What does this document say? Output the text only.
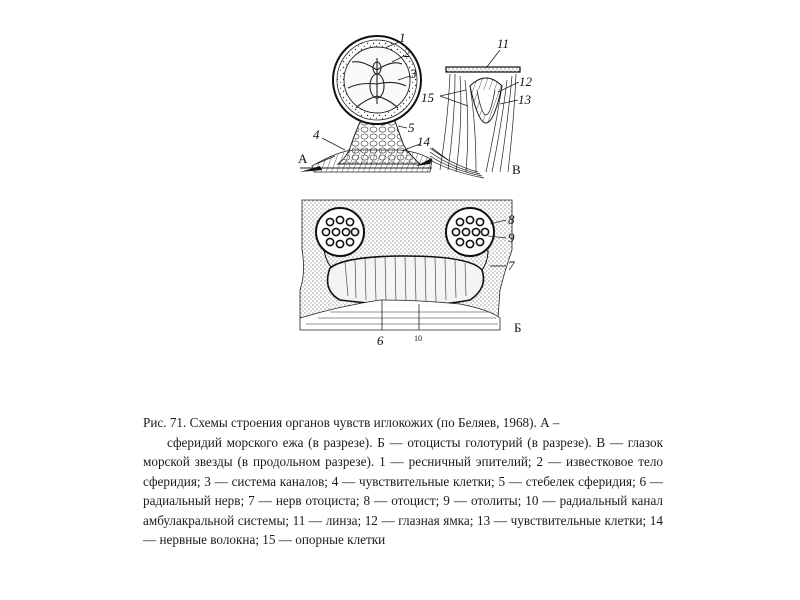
1
2
3
4	5
14
А
11
12
15	13
В
8
9
7
6	10
Б

Рис. 71. Схемы строения органов чувств иглокожих (по Беляев, 1968). А –

сферидий морского ежа (в разрезе). Б — отоцисты голотурий (в разрезе). В — глазок морской звезды (в продольном разрезе). 1 — ресничный эпителий; 2 — известковое тело сферидия; 3 — система каналов; 4 — чувствительные клетки; 5 — стебелек сферидия; 6 — радиальный нерв; 7 — нерв отоциста; 8 — отоцист; 9 — отолиты; 10 — радиальный канал амбулакральной системы; 11 — линза; 12 — глазная ямка; 13 — чувствительные клетки; 14 — нервные волокна; 15 — опорные клетки
